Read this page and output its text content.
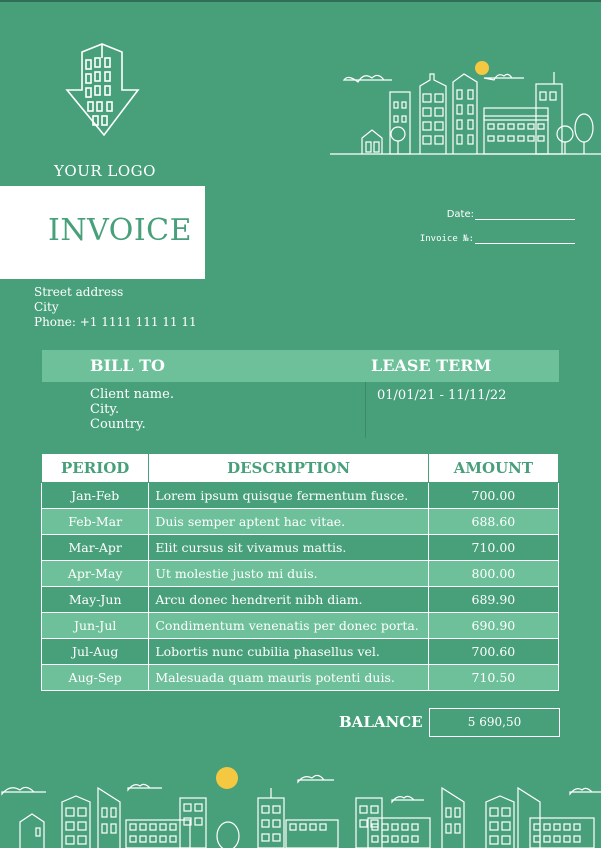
YOUR LOGO
INVOICE	Date:
Invoice №:
Street address
City
Phone: +1 1111 111 11 11
BILL TO	LEASE TERM
Client name.
City.
Country.
01/01/21 - 11/11/22
PERIOD	DESCRIPTION	AMOUNT
Jan-Feb	Lorem ipsum quisque fermentum fusce.	700.00
Feb-Mar	Duis semper aptent hac vitae.	688.60
Mar-Apr	Elit cursus sit vivamus mattis.	710.00
Apr-May	Ut molestie justo mi duis.	800.00
May-Jun	Arcu donec hendrerit nibh diam.	689.90
Jun-Jul	Condimentum venenatis per donec porta.	690.90
Jul-Aug	Lobortis nunc cubilia phasellus vel.	700.60
Aug-Sep	Malesuada quam mauris potenti duis.	710.50
BALANCE	5 690,50
